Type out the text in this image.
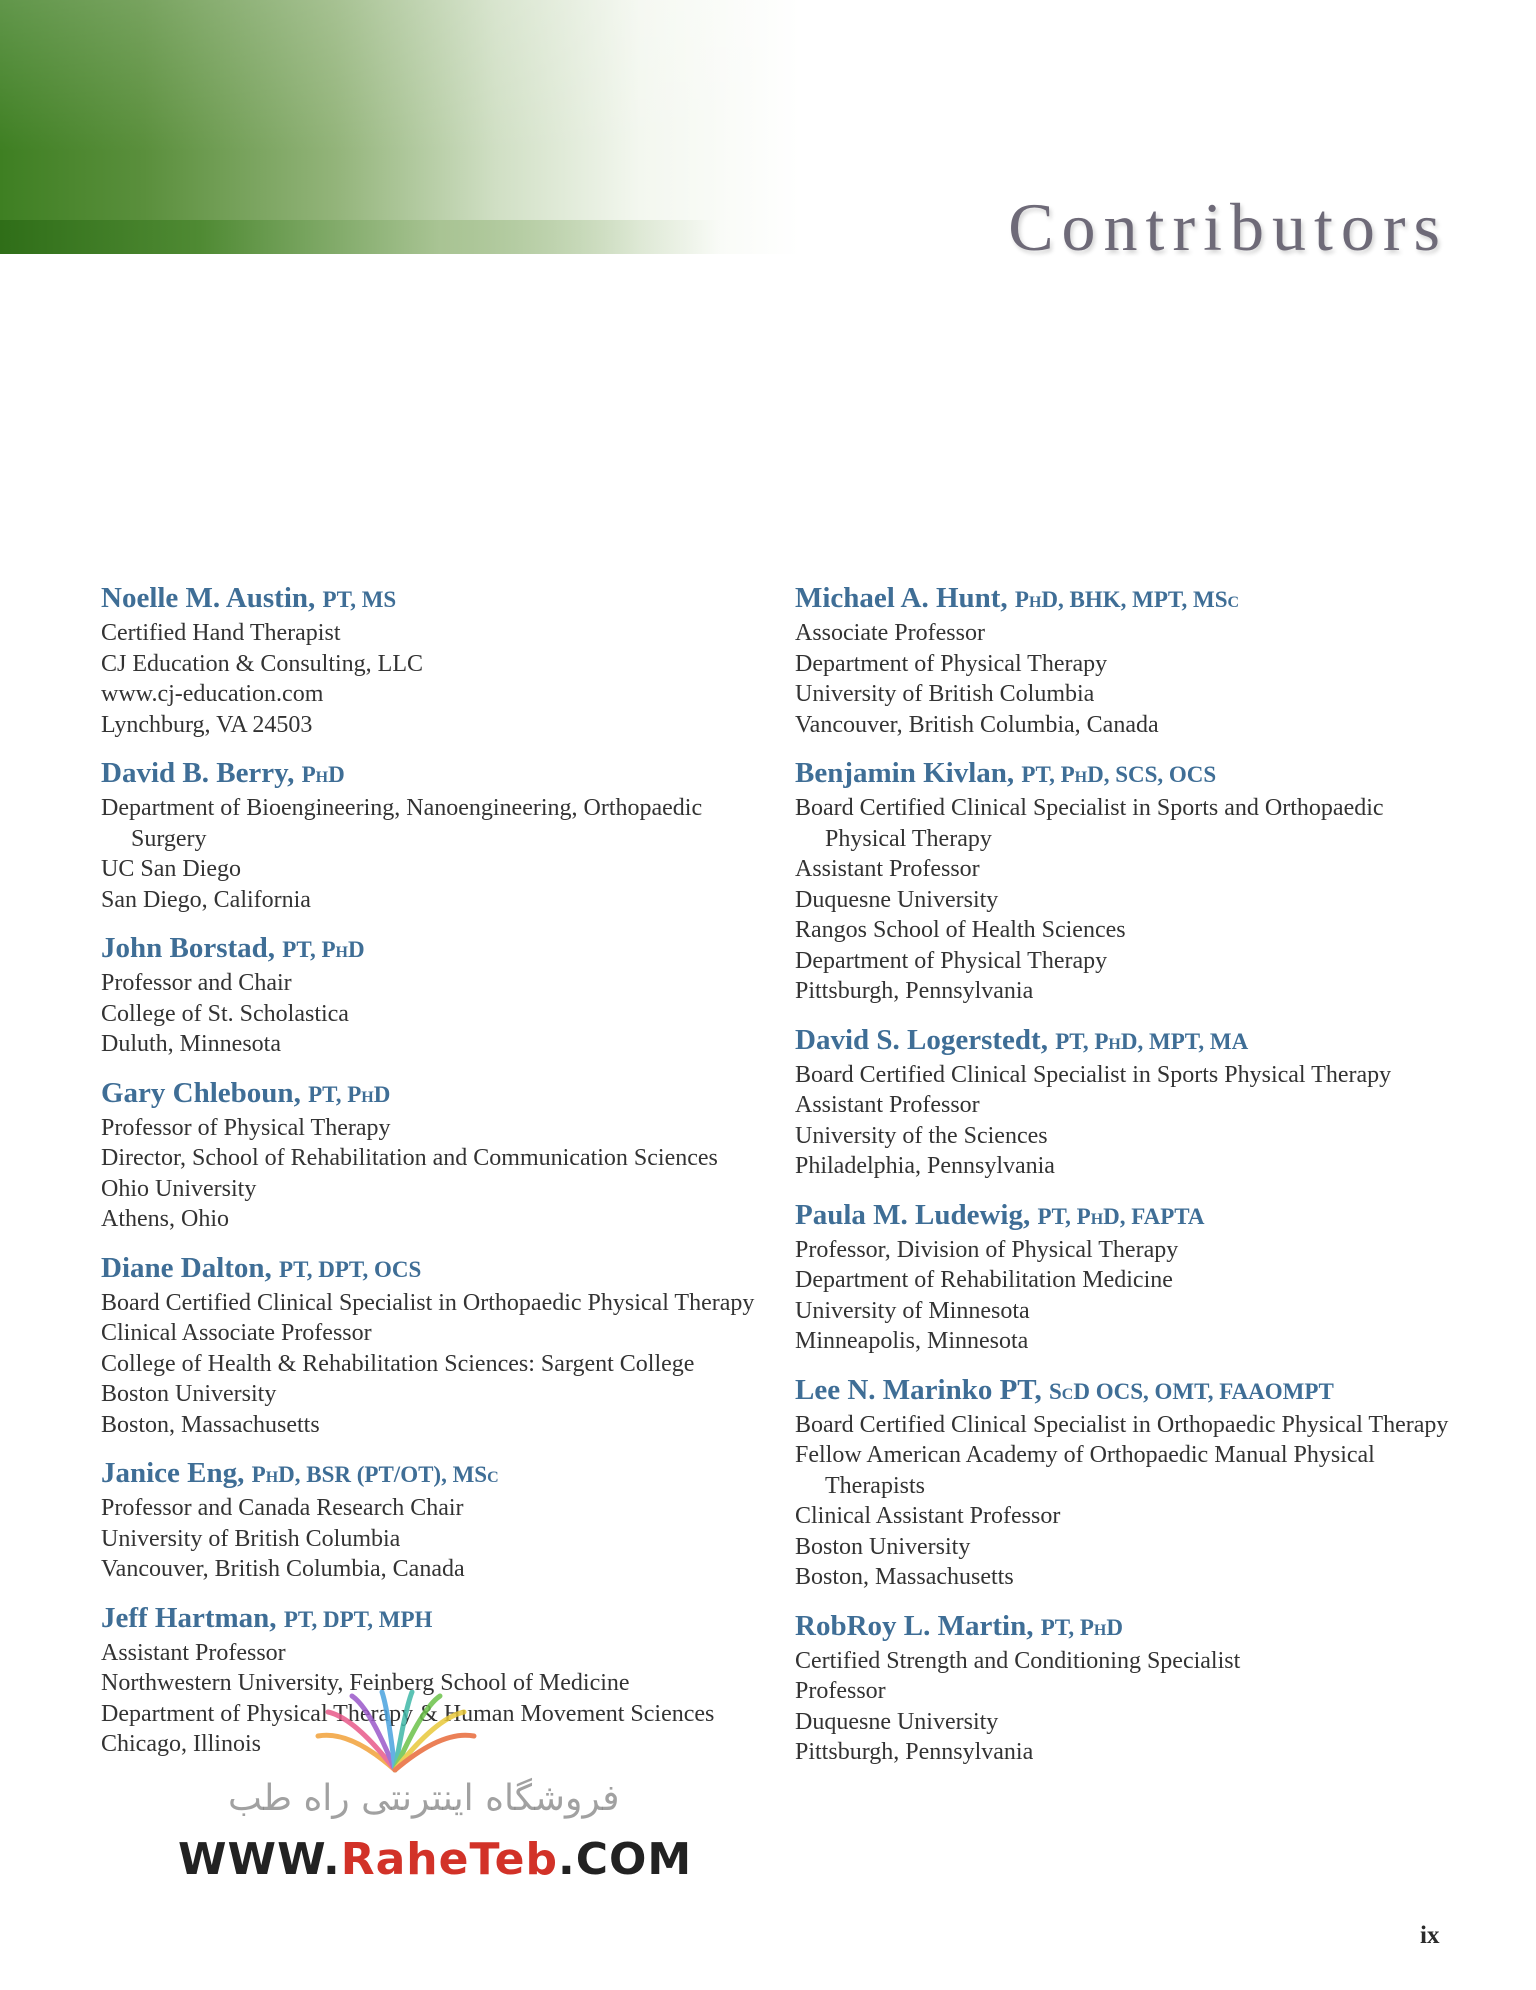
Contributors
Noelle M. Austin, PT, MS
Certified Hand Therapist
CJ Education & Consulting, LLC
www.cj-education.com
Lynchburg, VA 24503
David B. Berry, PhD
Department of Bioengineering, Nanoengineering, Orthopaedic Surgery
UC San Diego
San Diego, California
John Borstad, PT, PhD
Professor and Chair
College of St. Scholastica
Duluth, Minnesota
Gary Chleboun, PT, PhD
Professor of Physical Therapy
Director, School of Rehabilitation and Communication Sciences
Ohio University
Athens, Ohio
Diane Dalton, PT, DPT, OCS
Board Certified Clinical Specialist in Orthopaedic Physical Therapy
Clinical Associate Professor
College of Health & Rehabilitation Sciences: Sargent College
Boston University
Boston, Massachusetts
Janice Eng, PhD, BSR (PT/OT), MSc
Professor and Canada Research Chair
University of British Columbia
Vancouver, British Columbia, Canada
Jeff Hartman, PT, DPT, MPH
Assistant Professor
Northwestern University, Feinberg School of Medicine
Department of Physical Therapy & Human Movement Sciences
Chicago, Illinois
Michael A. Hunt, PhD, BHK, MPT, MSc
Associate Professor
Department of Physical Therapy
University of British Columbia
Vancouver, British Columbia, Canada
Benjamin Kivlan, PT, PhD, SCS, OCS
Board Certified Clinical Specialist in Sports and Orthopaedic Physical Therapy
Assistant Professor
Duquesne University
Rangos School of Health Sciences
Department of Physical Therapy
Pittsburgh, Pennsylvania
David S. Logerstedt, PT, PhD, MPT, MA
Board Certified Clinical Specialist in Sports Physical Therapy
Assistant Professor
University of the Sciences
Philadelphia, Pennsylvania
Paula M. Ludewig, PT, PhD, FAPTA
Professor, Division of Physical Therapy
Department of Rehabilitation Medicine
University of Minnesota
Minneapolis, Minnesota
Lee N. Marinko PT, ScD OCS, OMT, FAAOMPT
Board Certified Clinical Specialist in Orthopaedic Physical Therapy
Fellow American Academy of Orthopaedic Manual Physical Therapists
Clinical Assistant Professor
Boston University
Boston, Massachusetts
RobRoy L. Martin, PT, PhD
Certified Strength and Conditioning Specialist
Professor
Duquesne University
Pittsburgh, Pennsylvania
فروشگاه اینترنتی راه طب
WWW.RaheTeb.COM
ix
